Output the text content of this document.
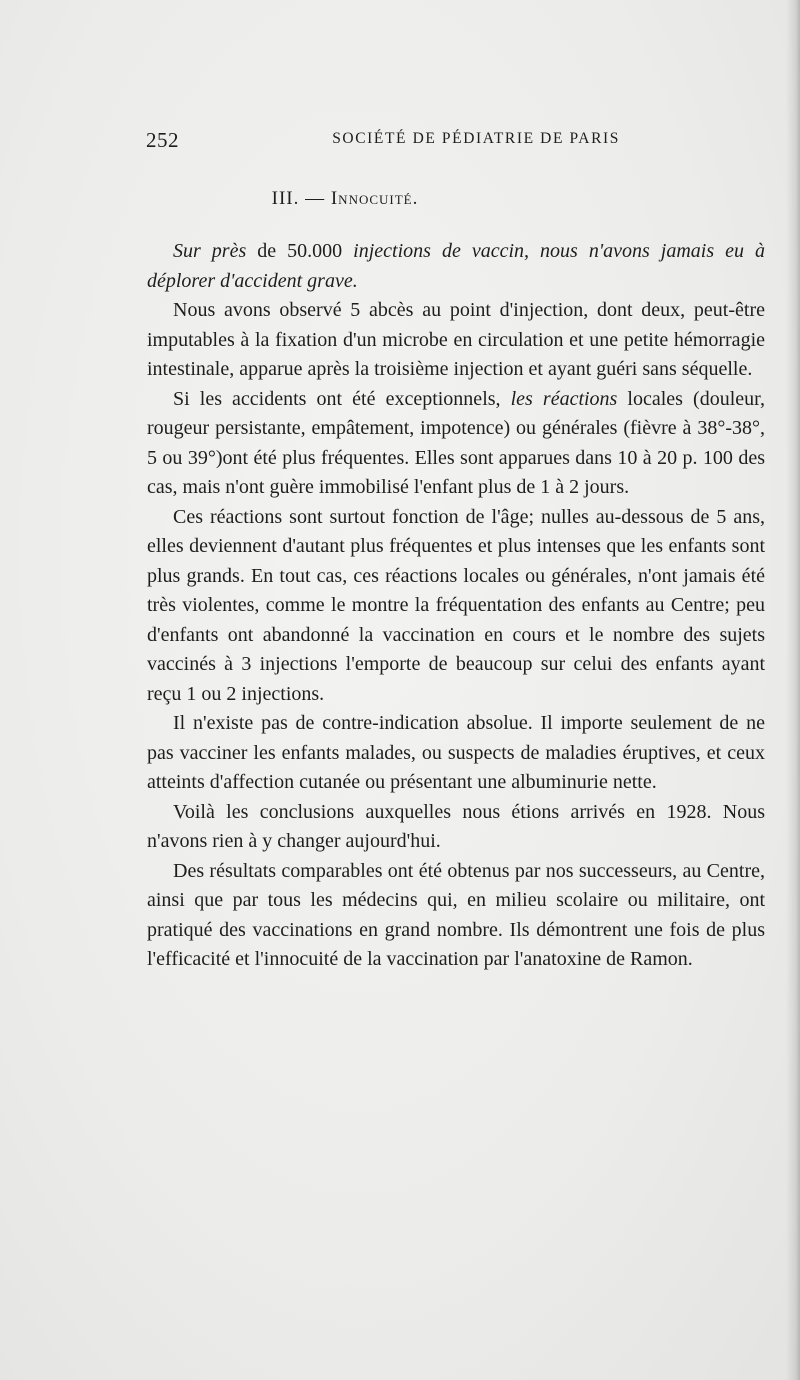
252	SOCIÉTÉ DE PÉDIATRIE DE PARIS
III. — Innocuité.

Sur près de 50.000 injections de vaccin, nous n'avons jamais eu à déplorer d'accident grave.

Nous avons observé 5 abcès au point d'injection, dont deux, peut-être imputables à la fixation d'un microbe en circulation et une petite hémorragie intestinale, apparue après la troisième injection et ayant guéri sans séquelle.

Si les accidents ont été exceptionnels, les réactions locales (douleur, rougeur persistante, empâtement, impotence) ou générales (fièvre à 38°-38°, 5 ou 39°)ont été plus fréquentes. Elles sont apparues dans 10 à 20 p. 100 des cas, mais n'ont guère immobilisé l'enfant plus de 1 à 2 jours.

Ces réactions sont surtout fonction de l'âge; nulles au-dessous de 5 ans, elles deviennent d'autant plus fréquentes et plus intenses que les enfants sont plus grands. En tout cas, ces réactions locales ou générales, n'ont jamais été très violentes, comme le montre la fréquentation des enfants au Centre; peu d'enfants ont abandonné la vaccination en cours et le nombre des sujets vaccinés à 3 injections l'emporte de beaucoup sur celui des enfants ayant reçu 1 ou 2 injections.

Il n'existe pas de contre-indication absolue. Il importe seulement de ne pas vacciner les enfants malades, ou suspects de maladies éruptives, et ceux atteints d'affection cutanée ou présentant une albuminurie nette.

Voilà les conclusions auxquelles nous étions arrivés en 1928. Nous n'avons rien à y changer aujourd'hui.

Des résultats comparables ont été obtenus par nos successeurs, au Centre, ainsi que par tous les médecins qui, en milieu scolaire ou militaire, ont pratiqué des vaccinations en grand nombre. Ils démontrent une fois de plus l'efficacité et l'innocuité de la vaccination par l'anatoxine de Ramon.
